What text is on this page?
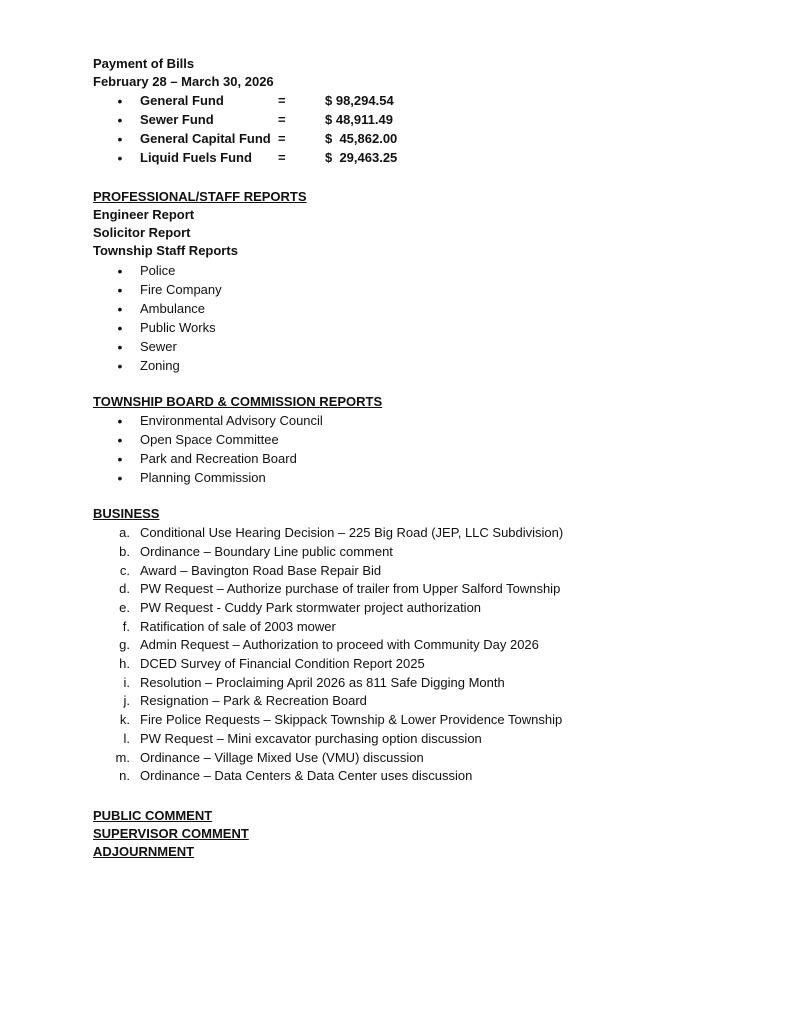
Payment of Bills
February 28 – March 30, 2026
•
General Fund	=	$ 98,294.54
•
Sewer Fund	=	$ 48,911.49
•
General Capital Fund =	$  45,862.00
•
Liquid Fuels Fund =	$  29,463.25
PROFESSIONAL/STAFF REPORTS
Engineer Report
Solicitor Report
Township Staff Reports
•
Police
•
Fire Company
•
Ambulance
•
Public Works
•
Sewer
•
Zoning
TOWNSHIP BOARD & COMMISSION REPORTS
•
Environmental Advisory Council
•
Open Space Committee
•
Park and Recreation Board
•
Planning Commission
BUSINESS
a. Conditional Use Hearing Decision – 225 Big Road (JEP, LLC Subdivision)
b. Ordinance – Boundary Line public comment
c. Award – Bavington Road Base Repair Bid
d. PW Request – Authorize purchase of trailer from Upper Salford Township
e. PW Request - Cuddy Park stormwater project authorization
f. Ratification of sale of 2003 mower
g. Admin Request – Authorization to proceed with Community Day 2026
h. DCED Survey of Financial Condition Report 2025
i. Resolution – Proclaiming April 2026 as 811 Safe Digging Month
j. Resignation – Park & Recreation Board
k. Fire Police Requests – Skippack Township & Lower Providence Township
l. PW Request – Mini excavator purchasing option discussion
m. Ordinance – Village Mixed Use (VMU) discussion
n. Ordinance – Data Centers & Data Center uses discussion
PUBLIC COMMENT
SUPERVISOR COMMENT
ADJOURNMENT
